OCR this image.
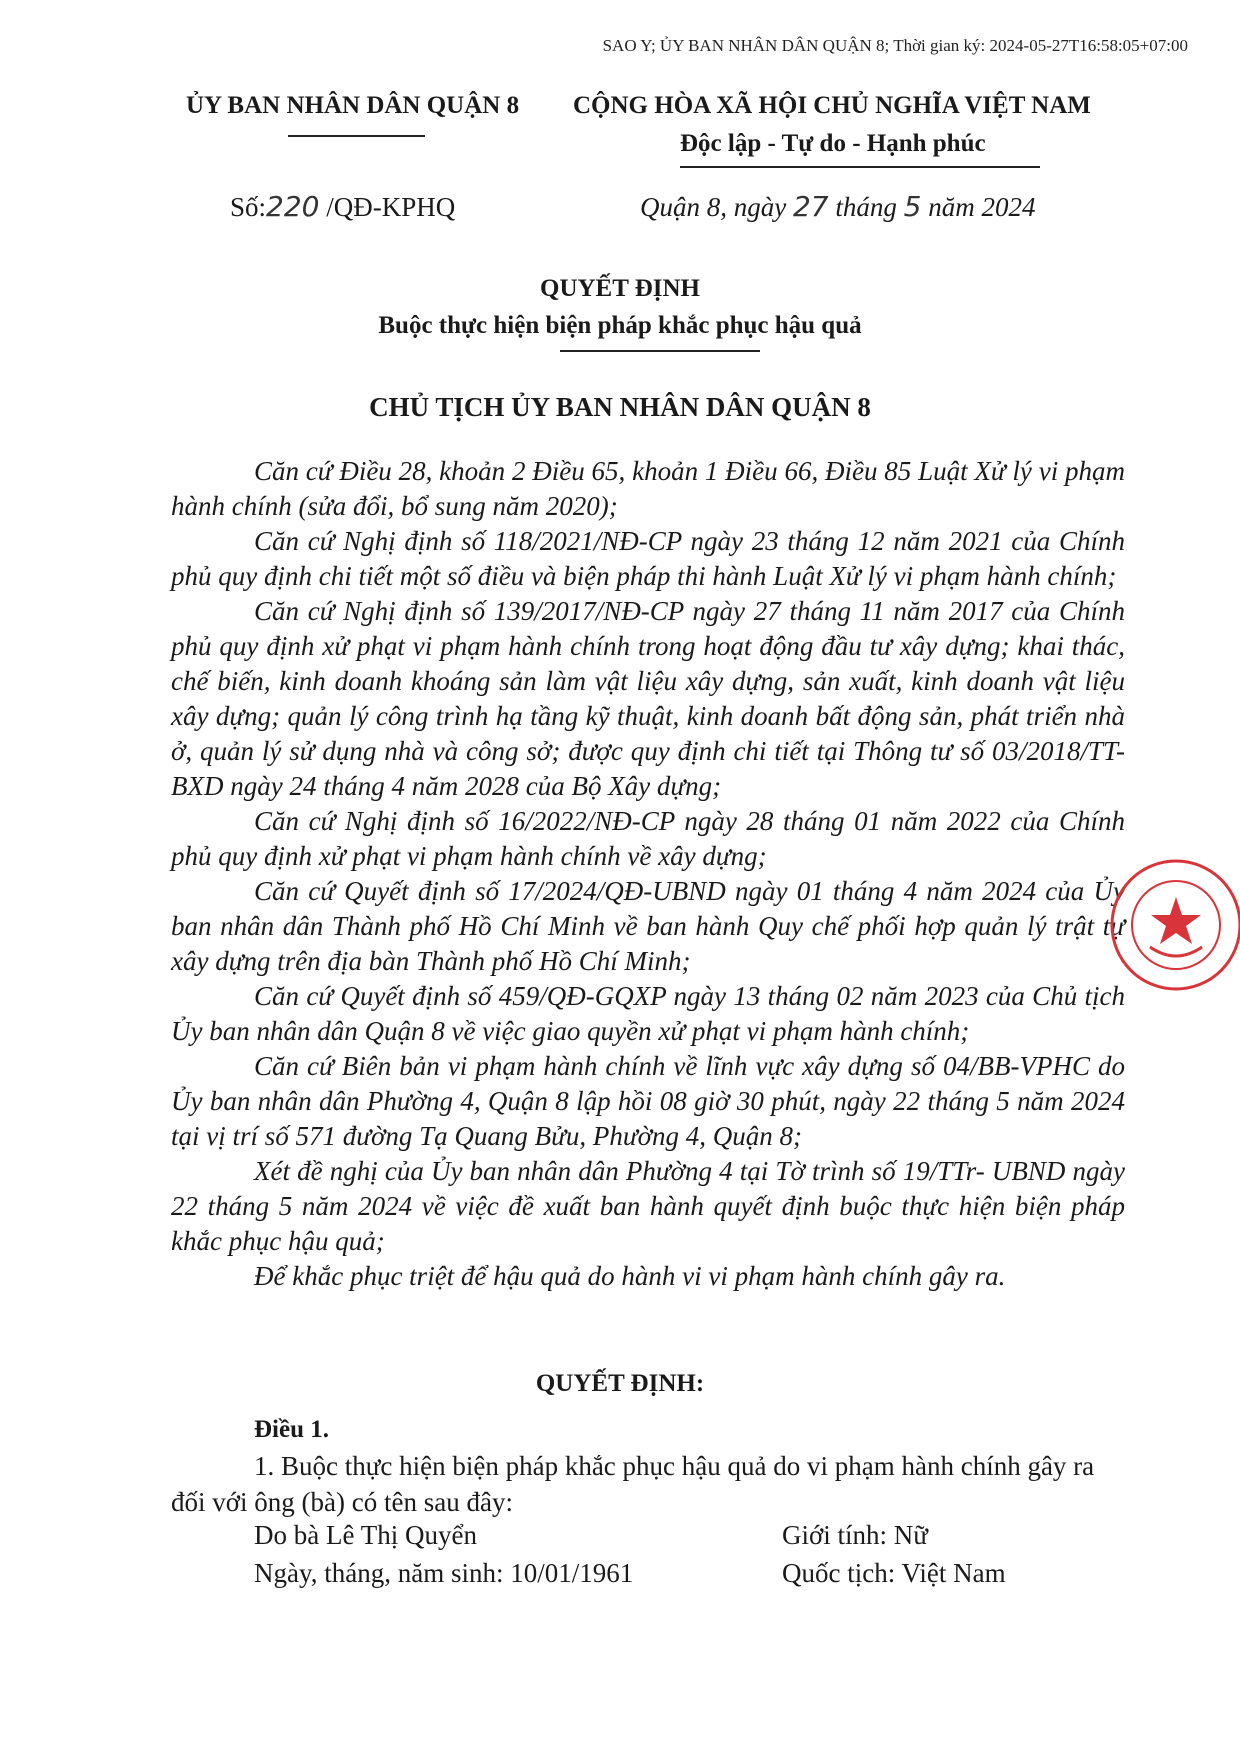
SAO Y; ỦY BAN NHÂN DÂN QUẬN 8; Thời gian ký: 2024-05-27T16:58:05+07:00
ỦY BAN NHÂN DÂN QUẬN 8 CỘNG HÒA XÃ HỘI CHỦ NGHĨA VIỆT NAM
Độc lập - Tự do - Hạnh phúc
Số:220 /QĐ-KPHQ	Quận 8, ngày 27 tháng 5 năm 2024
QUYẾT ĐỊNH
Buộc thực hiện biện pháp khắc phục hậu quả
CHỦ TỊCH ỦY BAN NHÂN DÂN QUẬN 8

Căn cứ Điều 28, khoản 2 Điều 65, khoản 1 Điều 66, Điều 85 Luật Xử lý vi phạm hành chính (sửa đổi, bổ sung năm 2020);

Căn cứ Nghị định số 118/2021/NĐ-CP ngày 23 tháng 12 năm 2021 của Chính phủ quy định chi tiết một số điều và biện pháp thi hành Luật Xử lý vi phạm hành chính;

Căn cứ Nghị định số 139/2017/NĐ-CP ngày 27 tháng 11 năm 2017 của Chính phủ quy định xử phạt vi phạm hành chính trong hoạt động đầu tư xây dựng; khai thác, chế biến, kinh doanh khoáng sản làm vật liệu xây dựng, sản xuất, kinh doanh vật liệu xây dựng; quản lý công trình hạ tầng kỹ thuật, kinh doanh bất động sản, phát triển nhà ở, quản lý sử dụng nhà và công sở; được quy định chi tiết tại Thông tư số 03/2018/TT-BXD ngày 24 tháng 4 năm 2028 của Bộ Xây dựng;

Căn cứ Nghị định số 16/2022/NĐ-CP ngày 28 tháng 01 năm 2022 của Chính phủ quy định xử phạt vi phạm hành chính về xây dựng;

Căn cứ Quyết định số 17/2024/QĐ-UBND ngày 01 tháng 4 năm 2024 của Ủy ban nhân dân Thành phố Hồ Chí Minh về ban hành Quy chế phối hợp quản lý trật tự xây dựng trên địa bàn Thành phố Hồ Chí Minh;

Căn cứ Quyết định số 459/QĐ-GQXP ngày 13 tháng 02 năm 2023 của Chủ tịch Ủy ban nhân dân Quận 8 về việc giao quyền xử phạt vi phạm hành chính;

Căn cứ Biên bản vi phạm hành chính về lĩnh vực xây dựng số 04/BB-VPHC do Ủy ban nhân dân Phường 4, Quận 8 lập hồi 08 giờ 30 phút, ngày 22 tháng 5 năm 2024 tại vị trí số 571 đường Tạ Quang Bửu, Phường 4, Quận 8;

Xét đề nghị của Ủy ban nhân dân Phường 4 tại Tờ trình số 19/TTr- UBND ngày 22 tháng 5 năm 2024 về việc đề xuất ban hành quyết định buộc thực hiện biện pháp khắc phục hậu quả;

Để khắc phục triệt để hậu quả do hành vi vi phạm hành chính gây ra.

QUYẾT ĐỊNH:
Điều 1.

1. Buộc thực hiện biện pháp khắc phục hậu quả do vi phạm hành chính gây ra đối với ông (bà) có tên sau đây:

Do bà Lê Thị Quyển	Giới tính: Nữ
Ngày, tháng, năm sinh: 10/01/1961	Quốc tịch: Việt Nam
